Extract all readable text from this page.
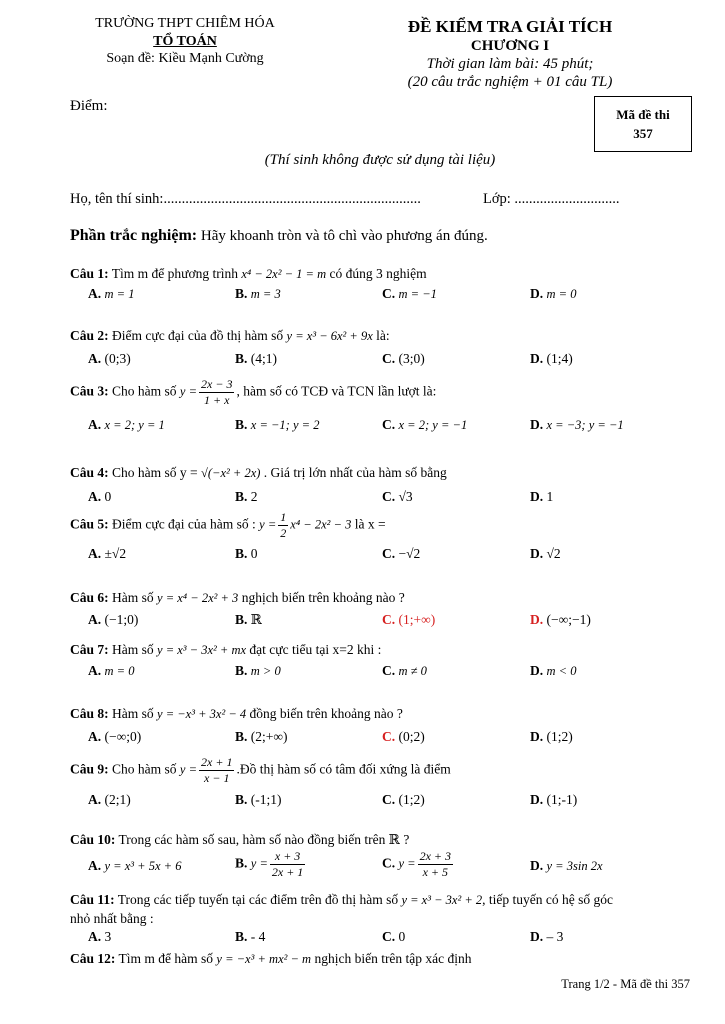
TRƯỜNG THPT CHIÊM HÓA
TỔ TOÁN
Soạn đề: Kiều Mạnh Cường
ĐỀ KIỂM TRA GIẢI TÍCH
CHƯƠNG I
Thời gian làm bài: 45 phút;
(20 câu trắc nghiệm + 01 câu TL)
Điểm:
Mã đề thi
357
(Thí sinh không được sử dụng tài liệu)
Họ, tên thí sinh:.......................................................................	Lớp: .............................
Phần trắc nghiệm: Hãy khoanh tròn và tô chì vào phương án đúng.
Câu 1: Tìm m để phương trình x⁴ − 2x² − 1 = m có đúng 3 nghiệm
A. m = 1	B. m = 3	C. m = −1	D. m = 0
Câu 2: Điểm cực đại của đồ thị hàm số y = x³ − 6x² + 9x là:
A. (0;3)	B. (4;1)	C. (3;0)	D. (1;4)
Câu 3: Cho hàm số $y = \frac{2x - 3}{1 + x}$ , hàm số có TCĐ và TCN lần lượt là:
A. x = 2; y = 1	B. x = −1; y = 2	C. x = 2; y = −1	D. x = −3; y = −1
Câu 4: Cho hàm số y = √(−x² + 2x) . Giá trị lớn nhất của hàm số bằng
A. 0	B. 2	C. √3	D. 1
Câu 5: Điểm cực đại của hàm số : $y = \frac{1}{2} x^4 - 2x^2 - 3$ là x =
A. ±√2	B. 0	C. −√2	D. √2
Câu 6: Hàm số y = x⁴ − 2x² + 3 nghịch biến trên khoảng nào ?
A. (−1;0)	B. ℝ	C. (1;+∞)	D. (−∞;−1)
Câu 7: Hàm số y = x³ − 3x² + mx đạt cực tiểu tại x=2 khi :
A. m = 0	B. m > 0	C. m ≠ 0	D. m < 0
Câu 8: Hàm số y = −x³ + 3x² − 4 đồng biến trên khoảng nào ?
A. (−∞;0)	B. (2;+∞)	C. (0;2)	D. (1;2)
Câu 9: Cho hàm số $y = \frac{2x + 1}{x - 1}$ .Đồ thị hàm số có tâm đối xứng là điểm
A. (2;1)	B. (-1;1)	C. (1;2)	D. (1;-1)
Câu 10: Trong các hàm số sau, hàm số nào đồng biến trên ℝ ?
A. y = x³ + 5x + 6	B. $y = \frac{x + 3}{2x + 1}$	C. $y = \frac{2x + 3}{x + 5}$	D. y = 3sin 2x
Câu 11: Trong các tiếp tuyến tại các điểm trên đồ thị hàm số y = x³ − 3x² + 2, tiếp tuyến có hệ số góc
nhỏ nhất bằng :
A. 3	B. - 4	C. 0	D. – 3
Câu 12: Tìm m để hàm số y = −x³ + mx² − m nghịch biến trên tập xác định
Trang 1/2 - Mã đề thi 357
